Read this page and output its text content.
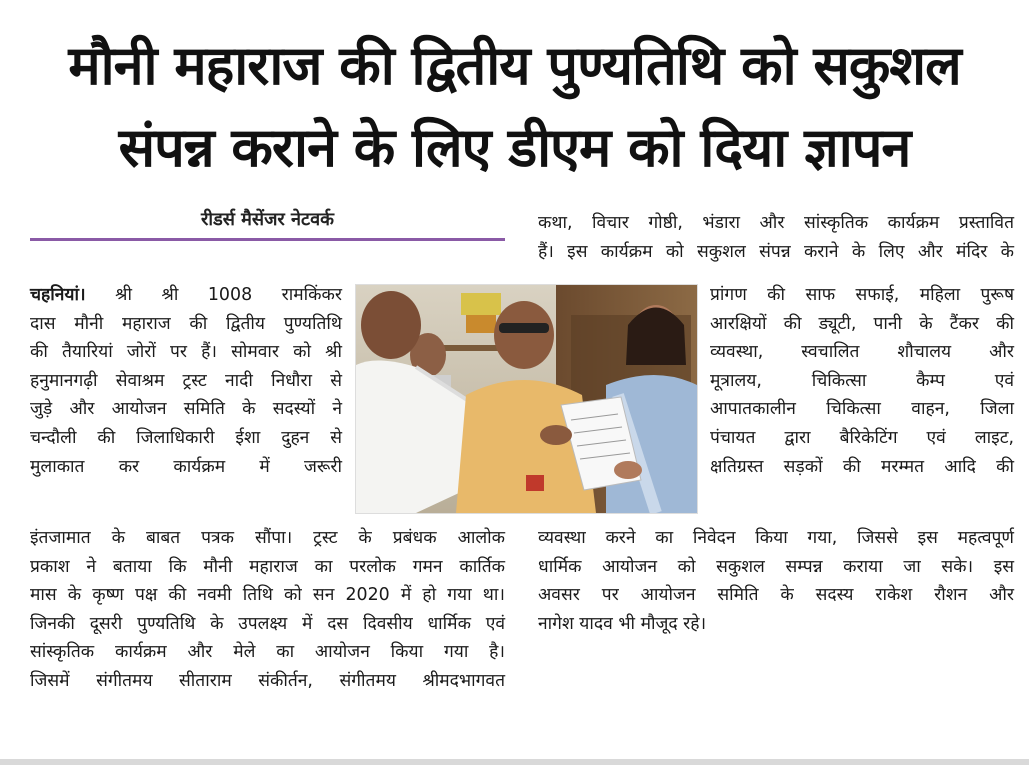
मौनी महाराज की द्वितीय पुण्यतिथि को सकुशल
संपन्न कराने के लिए डीएम को दिया ज्ञापन
रीडर्स मैसेंजर नेटवर्क
चहनियां। श्री श्री 1008 रामकिंकर
दास मौनी महाराज की द्वितीय पुण्यतिथि
की तैयारियां जोरों पर हैं। सोमवार को श्री
हनुमानगढ़ी सेवाश्रम ट्रस्ट नादी निधौरा से
जुड़े और आयोजन समिति के सदस्यों ने
चन्दौली की जिलाधिकारी ईशा दुहन से
मुलाकात कर कार्यक्रम में जरूरी
इंतजामात के बाबत पत्रक सौंपा। ट्रस्ट के प्रबंधक आलोक
प्रकाश ने बताया कि मौनी महाराज का परलोक गमन कार्तिक
मास के कृष्ण पक्ष की नवमी तिथि को सन 2020 में हो गया था।
जिनकी दूसरी पुण्यतिथि के उपलक्ष्य में दस दिवसीय धार्मिक एवं
सांस्कृतिक कार्यक्रम और मेले का आयोजन किया गया है।
जिसमें संगीतमय सीताराम संकीर्तन, संगीतमय श्रीमदभागवत
कथा, विचार गोष्ठी, भंडारा और सांस्कृतिक कार्यक्रम प्रस्तावित
हैं। इस कार्यक्रम को सकुशल संपन्न कराने के लिए और मंदिर के
प्रांगण की साफ सफाई, महिला पुरूष
आरक्षियों की ड्यूटी, पानी के टैंकर की
व्यवस्था, स्वचालित शौचालय और
मूत्रालय, चिकित्सा कैम्प एवं
आपातकालीन चिकित्सा वाहन, जिला
पंचायत द्वारा बैरिकेटिंग एवं लाइट,
क्षतिग्रस्त सड़कों की मरम्मत आदि की
व्यवस्था करने का निवेदन किया गया, जिससे इस महत्वपूर्ण
धार्मिक आयोजन को सकुशल सम्पन्न कराया जा सके। इस
अवसर पर आयोजन समिति के सदस्य राकेश रौशन और
नागेश यादव भी मौजूद रहे।
